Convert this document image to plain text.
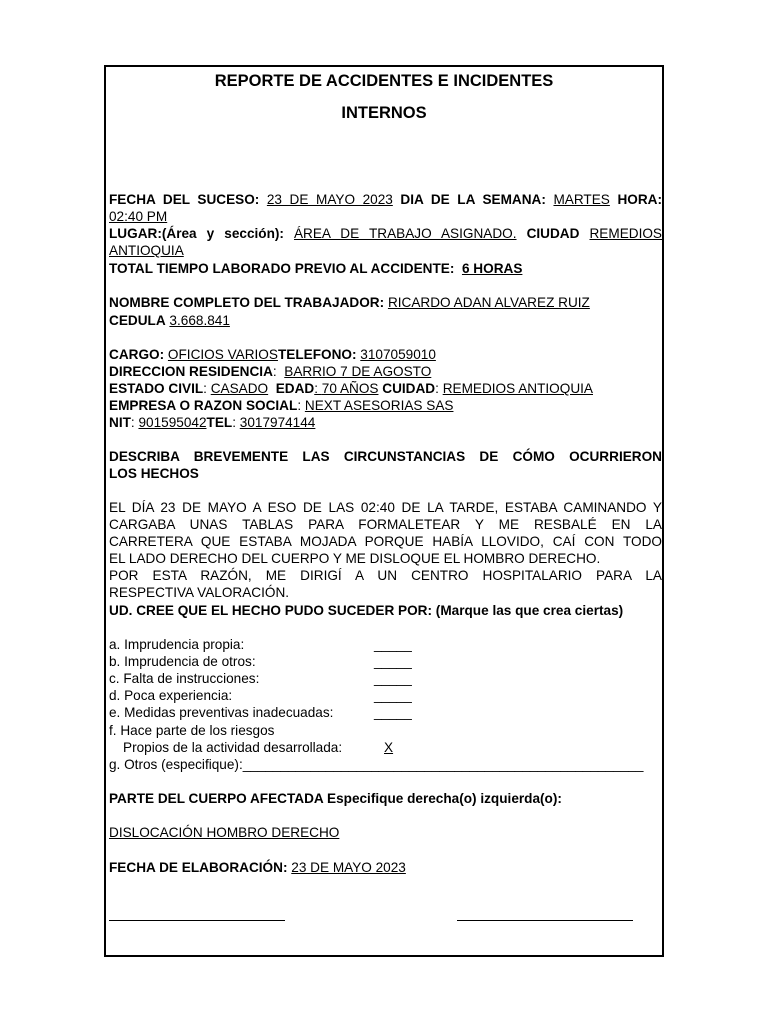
REPORTE DE ACCIDENTES E INCIDENTES
INTERNOS
FECHA DEL SUCESO: 23 DE MAYO 2023 DIA DE LA SEMANA: MARTES HORA:
02:40 PM
LUGAR:(Área y sección): ÁREA DE TRABAJO ASIGNADO. CIUDAD REMEDIOS
ANTIOQUIA
TOTAL TIEMPO LABORADO PREVIO AL ACCIDENTE: 6 HORAS
NOMBRE COMPLETO DEL TRABAJADOR: RICARDO ADAN ALVAREZ RUIZ
CEDULA 3.668.841
CARGO: OFICIOS VARIOSTELEFONO: 3107059010
DIRECCION RESIDENCIA:  BARRIO 7 DE AGOSTO
ESTADO CIVIL: CASADO EDAD: 70 AÑOS CUIDAD: REMEDIOS ANTIOQUIA
EMPRESA O RAZON SOCIAL: NEXT ASESORIAS SAS
NIT: 901595042TEL: 3017974144
DESCRIBA BREVEMENTE LAS CIRCUNSTANCIAS DE CÓMO OCURRIERON
LOS HECHOS
EL DÍA 23 DE MAYO A ESO DE LAS 02:40 DE LA TARDE, ESTABA CAMINANDO Y
CARGABA UNAS TABLAS PARA FORMALETEAR Y ME RESBALÉ EN LA
CARRETERA QUE ESTABA MOJADA PORQUE HABÍA LLOVIDO, CAÍ CON TODO
EL LADO DERECHO DEL CUERPO Y ME DISLOQUE EL HOMBRO DERECHO.
POR ESTA RAZÓN, ME DIRIGÍ A UN CENTRO HOSPITALARIO PARA LA
RESPECTIVA VALORACIÓN.
UD. CREE QUE EL HECHO PUDO SUCEDER POR: (Marque las que crea ciertas)
a. Imprudencia propia:	_____
b. Imprudencia de otros:	_____
c. Falta de instrucciones:	_____
d. Poca experiencia:	_____
e. Medidas preventivas inadecuadas:	_____
f. Hace parte de los riesgos
Propios de la actividad desarrollada:	X
g. Otros (especifique):_____________________________________________________
PARTE DEL CUERPO AFECTADA Especifique derecha(o) izquierda(o):
DISLOCACIÓN HOMBRO DERECHO
FECHA DE ELABORACIÓN: 23 DE MAYO 2023
